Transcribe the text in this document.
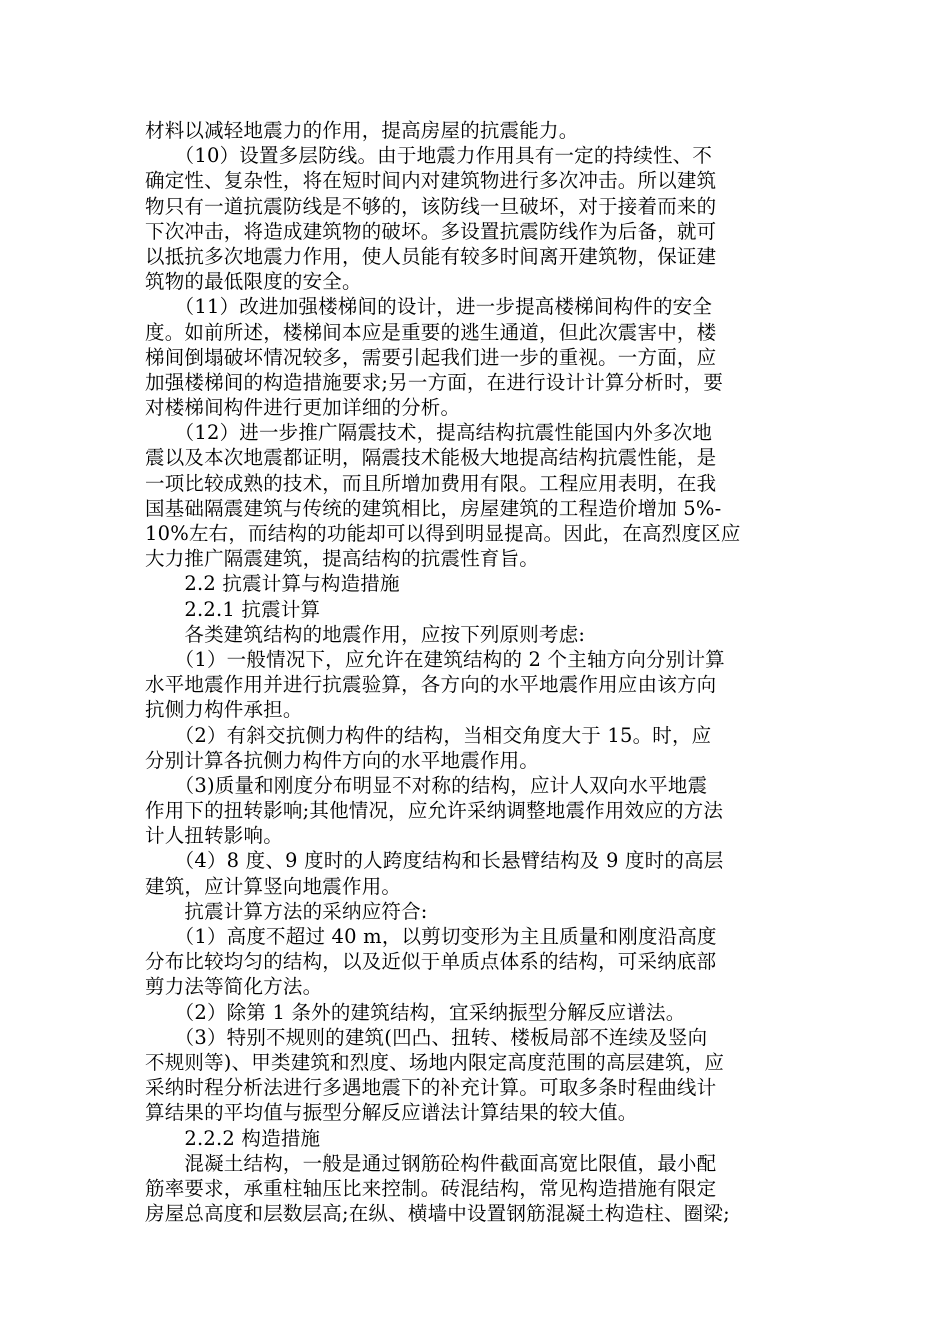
材料以减轻地震力的作用，提高房屋的抗震能力。
　　（10）设置多层防线。由于地震力作用具有一定的持续性、不
确定性、复杂性，将在短时间内对建筑物进行多次冲击。所以建筑
物只有一道抗震防线是不够的，该防线一旦破坏，对于接着而来的
下次冲击，将造成建筑物的破坏。多设置抗震防线作为后备，就可
以抵抗多次地震力作用，使人员能有较多时间离开建筑物，保证建
筑物的最低限度的安全。
　　（11）改进加强楼梯间的设计，进一步提高楼梯间构件的安全
度。如前所述，楼梯间本应是重要的逃生通道，但此次震害中，楼
梯间倒塌破坏情况较多，需要引起我们进一步的重视。一方面，应
加强楼梯间的构造措施要求;另一方面，在进行设计计算分析时，要
对楼梯间构件进行更加详细的分析。
　　（12）进一步推广隔震技术，提高结构抗震性能国内外多次地
震以及本次地震都证明，隔震技术能极大地提高结构抗震性能，是
一项比较成熟的技术，而且所增加费用有限。工程应用表明，在我
国基础隔震建筑与传统的建筑相比，房屋建筑的工程造价增加 5%-
10%左右，而结构的功能却可以得到明显提高。因此，在高烈度区应
大力推广隔震建筑，提高结构的抗震性育旨。
　　2.2 抗震计算与构造措施
　　2.2.1 抗震计算
　　各类建筑结构的地震作用，应按下列原则考虑:
　　（1）一般情况下，应允许在建筑结构的 2 个主轴方向分别计算
水平地震作用并进行抗震验算，各方向的水平地震作用应由该方向
抗侧力构件承担。
　　（2）有斜交抗侧力构件的结构，当相交角度大于 15。时，应
分别计算各抗侧力构件方向的水平地震作用。
　　（3)质量和刚度分布明显不对称的结构，应计人双向水平地震
作用下的扭转影响;其他情况，应允许采纳调整地震作用效应的方法
计人扭转影响。
　　（4）8 度、9 度时的人跨度结构和长悬臂结构及 9 度时的高层
建筑，应计算竖向地震作用。
　　抗震计算方法的采纳应符合:
　　（1）高度不超过 40 m，以剪切变形为主且质量和刚度沿高度
分布比较均匀的结构，以及近似于单质点体系的结构，可采纳底部
剪力法等简化方法。
　　（2）除第 1 条外的建筑结构，宜采纳振型分解反应谱法。
　　（3）特别不规则的建筑(凹凸、扭转、楼板局部不连续及竖向
不规则等)、甲类建筑和烈度、场地内限定高度范围的高层建筑，应
采纳时程分析法进行多遇地震下的补充计算。可取多条时程曲线计
算结果的平均值与振型分解反应谱法计算结果的较大值。
　　2.2.2 构造措施
　　混凝土结构，一般是通过钢筋砼构件截面高宽比限值，最小配
筋率要求，承重柱轴压比来控制。砖混结构，常见构造措施有限定
房屋总高度和层数层高;在纵、横墙中设置钢筋混凝土构造柱、圈梁;
